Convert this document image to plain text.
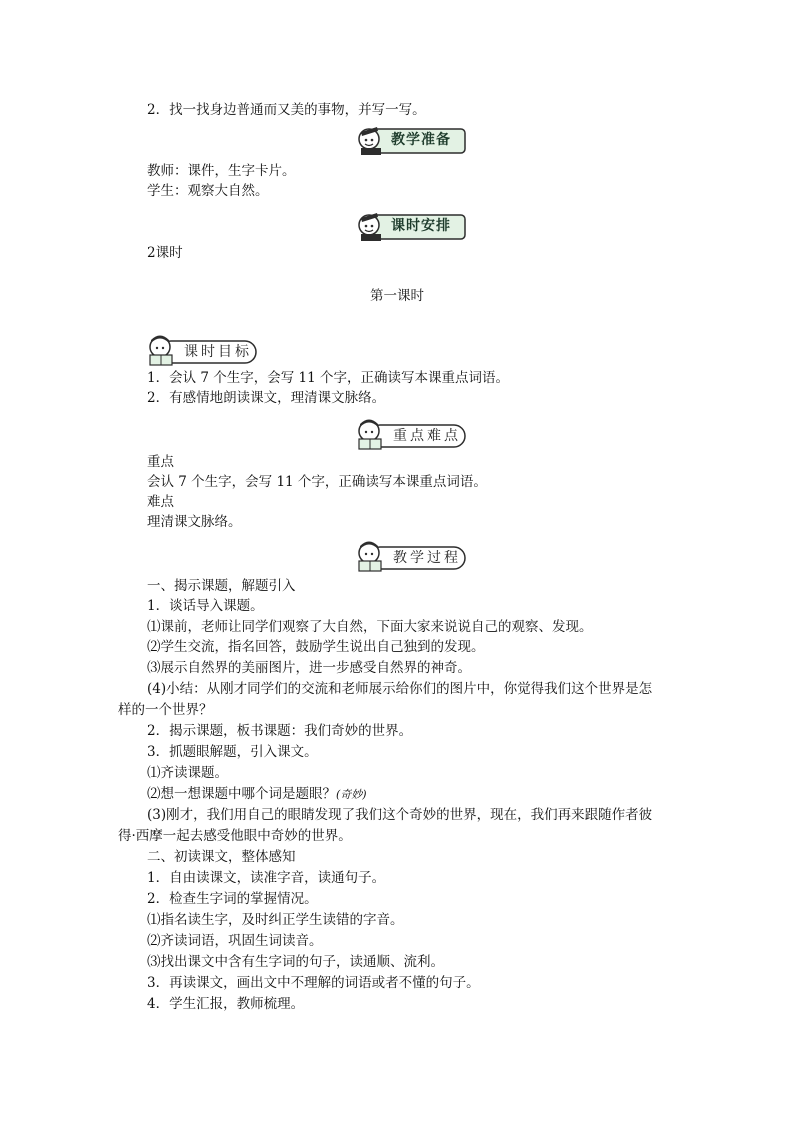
2．找一找身边普通而又美的事物，并写一写。
教学准备
教师：课件，生字卡片。
学生：观察大自然。
课时安排
2课时
第一课时
课时目标
1．会认 7 个生字，会写 11 个字，正确读写本课重点词语。
2．有感情地朗读课文，理清课文脉络。
重点难点
重点
会认 7 个生字，会写 11 个字，正确读写本课重点词语。
难点
理清课文脉络。
教学过程
一、揭示课题，解题引入
1．谈话导入课题。
⑴课前，老师让同学们观察了大自然，下面大家来说说自己的观察、发现。
⑵学生交流，指名回答，鼓励学生说出自己独到的发现。
⑶展示自然界的美丽图片，进一步感受自然界的神奇。
(4)小结：从刚才同学们的交流和老师展示给你们的图片中，你觉得我们这个世界是怎
样的一个世界？
2．揭示课题，板书课题：我们奇妙的世界。
3．抓题眼解题，引入课文。
⑴齐读课题。
⑵想一想课题中哪个词是题眼？(奇妙)
(3)刚才，我们用自己的眼睛发现了我们这个奇妙的世界，现在，我们再来跟随作者彼
得·西摩一起去感受他眼中奇妙的世界。
二、初读课文，整体感知
1．自由读课文，读准字音，读通句子。
2．检查生字词的掌握情况。
⑴指名读生字，及时纠正学生读错的字音。
⑵齐读词语，巩固生词读音。
⑶找出课文中含有生字词的句子，读通顺、流利。
3．再读课文，画出文中不理解的词语或者不懂的句子。
4．学生汇报，教师梳理。
